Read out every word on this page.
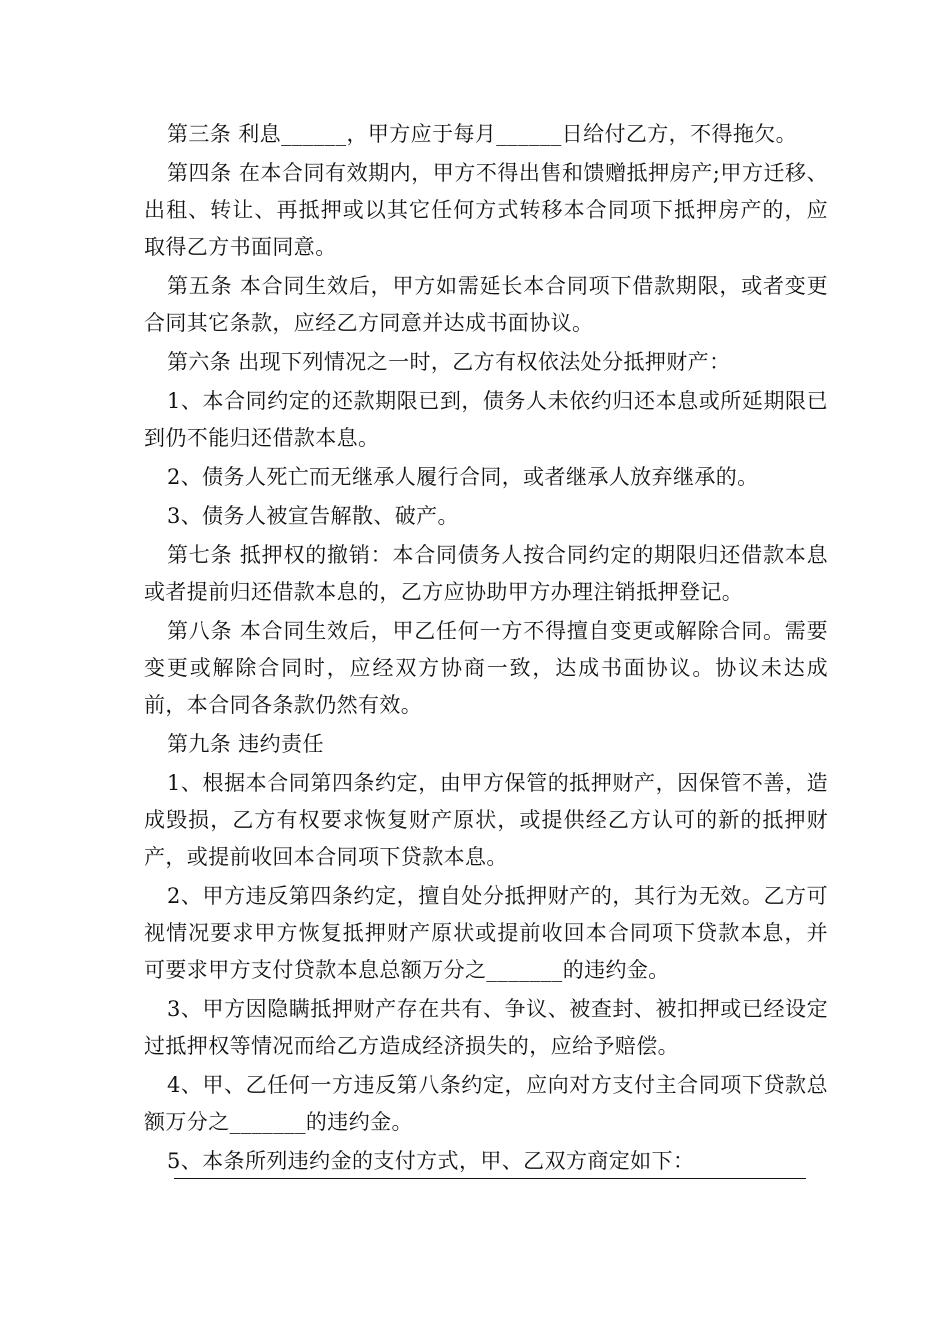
第三条 利息______，甲方应于每月______日给付乙方，不得拖欠。

第四条 在本合同有效期内，甲方不得出售和馈赠抵押房产;甲方迁移、出租、转让、再抵押或以其它任何方式转移本合同项下抵押房产的，应取得乙方书面同意。

第五条 本合同生效后，甲方如需延长本合同项下借款期限，或者变更合同其它条款，应经乙方同意并达成书面协议。

第六条 出现下列情况之一时，乙方有权依法处分抵押财产：

1、本合同约定的还款期限已到，债务人未依约归还本息或所延期限已到仍不能归还借款本息。

2、债务人死亡而无继承人履行合同，或者继承人放弃继承的。

3、债务人被宣告解散、破产。

第七条 抵押权的撤销：本合同债务人按合同约定的期限归还借款本息或者提前归还借款本息的，乙方应协助甲方办理注销抵押登记。

第八条 本合同生效后，甲乙任何一方不得擅自变更或解除合同。需要变更或解除合同时，应经双方协商一致，达成书面协议。协议未达成前，本合同各条款仍然有效。

第九条 违约责任

1、根据本合同第四条约定，由甲方保管的抵押财产，因保管不善，造成毁损，乙方有权要求恢复财产原状，或提供经乙方认可的新的抵押财产，或提前收回本合同项下贷款本息。

2、甲方违反第四条约定，擅自处分抵押财产的，其行为无效。乙方可视情况要求甲方恢复抵押财产原状或提前收回本合同项下贷款本息，并可要求甲方支付贷款本息总额万分之_______的违约金。

3、甲方因隐瞒抵押财产存在共有、争议、被查封、被扣押或已经设定过抵押权等情况而给乙方造成经济损失的，应给予赔偿。

4、甲、乙任何一方违反第八条约定，应向对方支付主合同项下贷款总额万分之_______的违约金。

5、本条所列违约金的支付方式，甲、乙双方商定如下：
